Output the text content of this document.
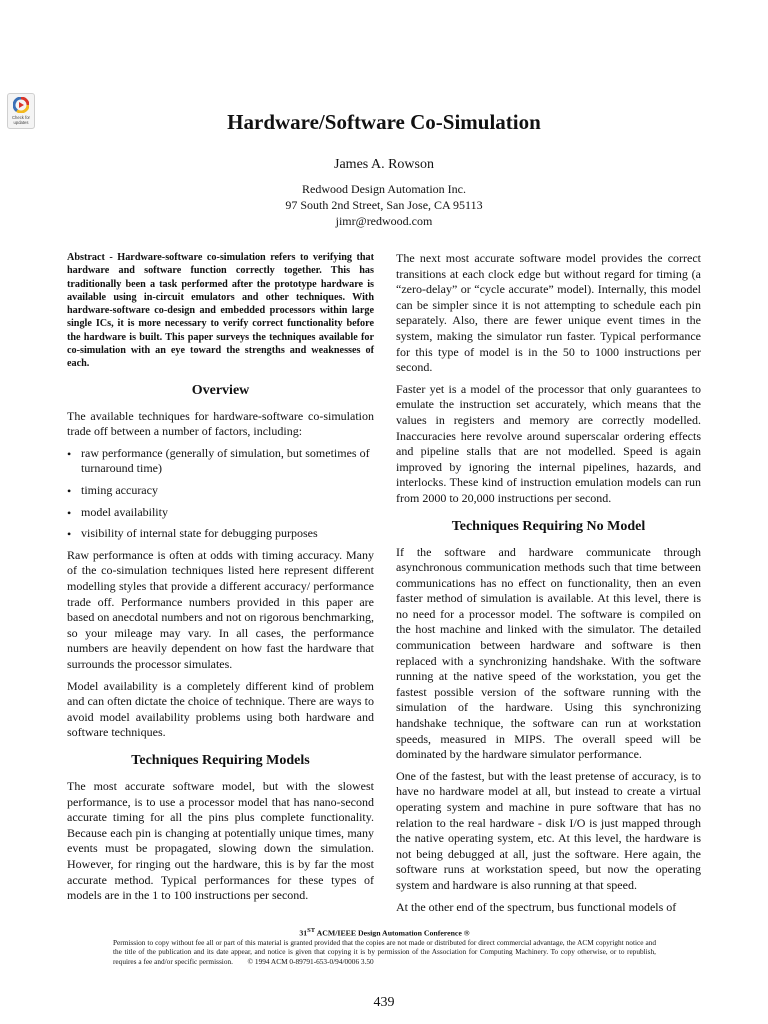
Check for updates	Hardware/Software Co-Simulation
James A. Rowson
Redwood Design Automation Inc.
97 South 2nd Street, San Jose, CA 95113
jimr@redwood.com

Abstract - Hardware-software co-simulation refers to verifying that hardware and software function correctly together. This has traditionally been a task performed after the prototype hardware is available using in-circuit emulators and other techniques. With hardware-software co-design and embedded processors within large single ICs, it is more necessary to verify correct functionality before the hardware is built. This paper surveys the techniques available for co-simulation with an eye toward the strengths and weaknesses of each.

Overview

The available techniques for hardware-software co-simulation trade off between a number of factors, including:

• raw performance (generally of simulation, but sometimes of turnaround time)
• timing accuracy
• model availability
• visibility of internal state for debugging purposes

Raw performance is often at odds with timing accuracy. Many of the co-simulation techniques listed here represent different modelling styles that provide a different accuracy/ performance trade off. Performance numbers provided in this paper are based on anecdotal numbers and not on rigorous benchmarking, so your mileage may vary. In all cases, the performance numbers are heavily dependent on how fast the hardware that surrounds the processor simulates.

Model availability is a completely different kind of problem and can often dictate the choice of technique. There are ways to avoid model availability problems using both hardware and software techniques.

Techniques Requiring Models

The most accurate software model, but with the slowest performance, is to use a processor model that has nano-second accurate timing for all the pins plus complete functionality. Because each pin is changing at potentially unique times, many events must be propagated, slowing down the simulation. However, for ringing out the hardware, this is by far the most accurate method. Typical performances for these types of models are in the 1 to 100 instructions per second.

The next most accurate software model provides the correct transitions at each clock edge but without regard for timing (a “zero-delay” or “cycle accurate” model). Internally, this model can be simpler since it is not attempting to schedule each pin separately. Also, there are fewer unique event times in the system, making the simulator run faster. Typical performance for this type of model is in the 50 to 1000 instructions per second.

Faster yet is a model of the processor that only guarantees to emulate the instruction set accurately, which means that the values in registers and memory are correctly modelled. Inaccuracies here revolve around superscalar ordering effects and pipeline stalls that are not modelled. Speed is again improved by ignoring the internal pipelines, hazards, and interlocks. These kind of instruction emulation models can run from 2000 to 20,000 instructions per second.

Techniques Requiring No Model

If the software and hardware communicate through asynchronous communication methods such that time between communications has no effect on functionality, then an even faster method of simulation is available. At this level, there is no need for a processor model. The software is compiled on the host machine and linked with the simulator. The detailed communication between hardware and software is then replaced with a synchronizing handshake. With the software running at the native speed of the workstation, you get the fastest possible version of the software running with the simulation of the hardware. Using this synchronizing handshake technique, the software can run at workstation speeds, measured in MIPS. The overall speed will be dominated by the hardware simulator performance.

One of the fastest, but with the least pretense of accuracy, is to have no hardware model at all, but instead to create a virtual operating system and machine in pure software that has no relation to the real hardware - disk I/O is just mapped through the native operating system, etc. At this level, the hardware is not being debugged at all, just the software. Here again, the software runs at workstation speed, but now the operating system and hardware is also running at that speed.

At the other end of the spectrum, bus functional models of

31ST ACM/IEEE Design Automation Conference ®
Permission to copy without fee all or part of this material is granted provided that the copies are not made or distributed for direct commercial advantage, the ACM copyright notice and the title of the publication and its date appear, and notice is given that copying it is by permission of the Association for Computing Machinery. To copy otherwise, or to republish, requires a fee and/or specific permission. © 1994 ACM 0-89791-653-0/94/0006 3.50
439
